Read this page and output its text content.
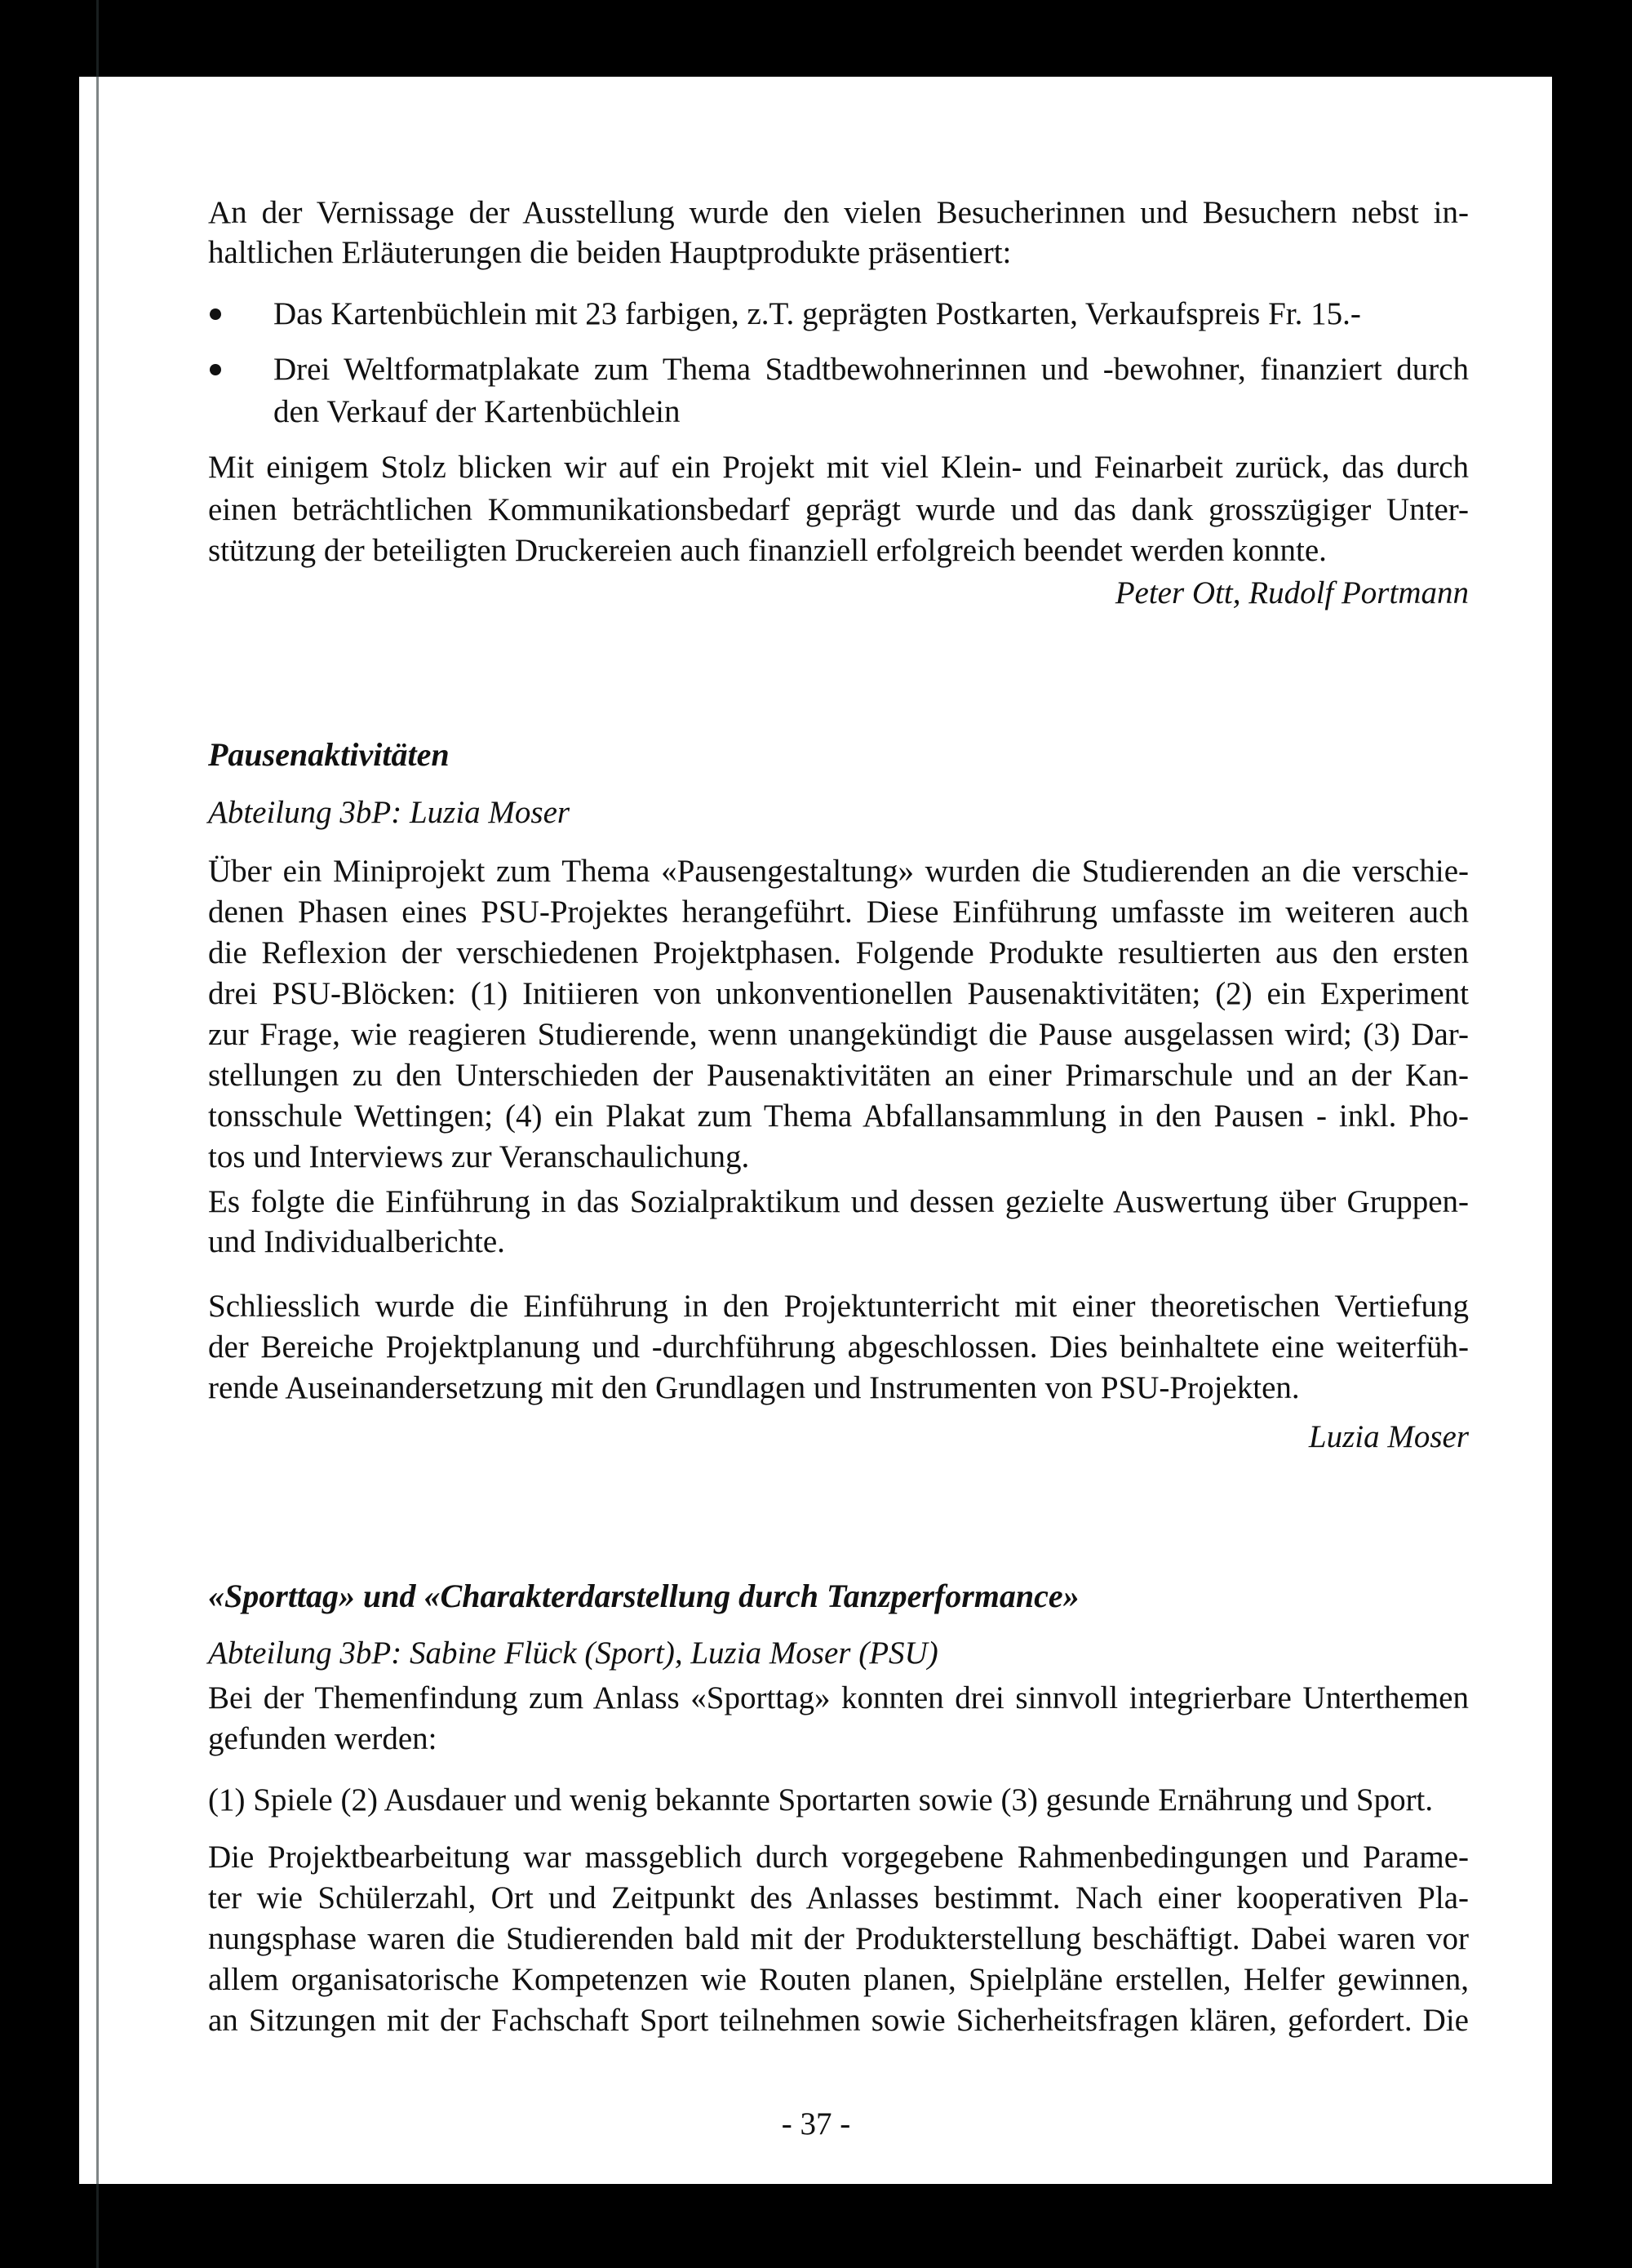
An der Vernissage der Ausstellung wurde den vielen Besucherinnen und Besuchern nebst in-
haltlichen Erläuterungen die beiden Hauptprodukte präsentiert:
Das Kartenbüchlein mit 23 farbigen, z.T. geprägten Postkarten, Verkaufspreis Fr. 15.-
Drei Weltformatplakate zum Thema Stadtbewohnerinnen und -bewohner, finanziert durch
den Verkauf der Kartenbüchlein
Mit einigem Stolz blicken wir auf ein Projekt mit viel Klein- und Feinarbeit zurück, das durch
einen beträchtlichen Kommunikationsbedarf geprägt wurde und das dank grosszügiger Unter-
stützung der beteiligten Druckereien auch finanziell erfolgreich beendet werden konnte.
Peter Ott, Rudolf Portmann
Pausenaktivitäten
Abteilung 3bP: Luzia Moser
Über ein Miniprojekt zum Thema «Pausengestaltung» wurden die Studierenden an die verschie-
denen Phasen eines PSU-Projektes herangeführt. Diese Einführung umfasste im weiteren auch
die Reflexion der verschiedenen Projektphasen. Folgende Produkte resultierten aus den ersten
drei PSU-Blöcken: (1) Initiieren von unkonventionellen Pausenaktivitäten; (2) ein Experiment
zur Frage, wie reagieren Studierende, wenn unangekündigt die Pause ausgelassen wird; (3) Dar-
stellungen zu den Unterschieden der Pausenaktivitäten an einer Primarschule und an der Kan-
tonsschule Wettingen; (4) ein Plakat zum Thema Abfallansammlung in den Pausen - inkl. Pho-
tos und Interviews zur Veranschaulichung.
Es folgte die Einführung in das Sozialpraktikum und dessen gezielte Auswertung über Gruppen-
und Individualberichte.
Schliesslich wurde die Einführung in den Projektunterricht mit einer theoretischen Vertiefung
der Bereiche Projektplanung und -durchführung abgeschlossen. Dies beinhaltete eine weiterfüh-
rende Auseinandersetzung mit den Grundlagen und Instrumenten von PSU-Projekten.
Luzia Moser
«Sporttag» und «Charakterdarstellung durch Tanzperformance»
Abteilung 3bP: Sabine Flück (Sport), Luzia Moser (PSU)
Bei der Themenfindung zum Anlass «Sporttag» konnten drei sinnvoll integrierbare Unterthemen
gefunden werden:
(1) Spiele (2) Ausdauer und wenig bekannte Sportarten sowie (3) gesunde Ernährung und Sport.
Die Projektbearbeitung war massgeblich durch vorgegebene Rahmenbedingungen und Parame-
ter wie Schülerzahl, Ort und Zeitpunkt des Anlasses bestimmt. Nach einer kooperativen Pla-
nungsphase waren die Studierenden bald mit der Produkterstellung beschäftigt. Dabei waren vor
allem organisatorische Kompetenzen wie Routen planen, Spielpläne erstellen, Helfer gewinnen,
an Sitzungen mit der Fachschaft Sport teilnehmen sowie Sicherheitsfragen klären, gefordert. Die
- 37 -
